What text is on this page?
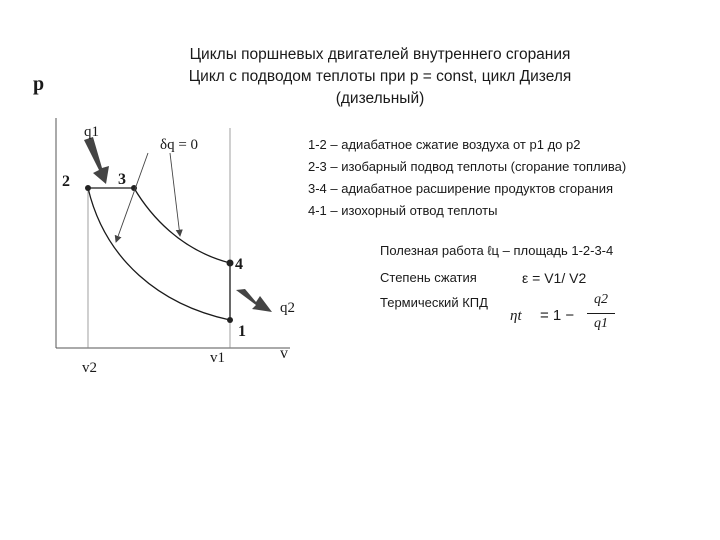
Циклы поршневых двигателей внутреннего сгорания
Цикл с подводом теплоты при р = const, цикл Дизеля
(дизельный)
p
v
v2
v1
q1
q2
δq = 0
1
2	3
4
1-2 – адиабатное сжатие воздуха от р1 до р2
2-3 – изобарный подвод теплоты (сгорание топлива)
3-4 – адиабатное расширение продуктов сгорания
4-1 – изохорный отвод теплоты
Полезная работа ℓц – площадь 1-2-3-4
Степень сжатия	ε = V1/ V2
Термический КПД
ηt = 1 −
q2
q1
